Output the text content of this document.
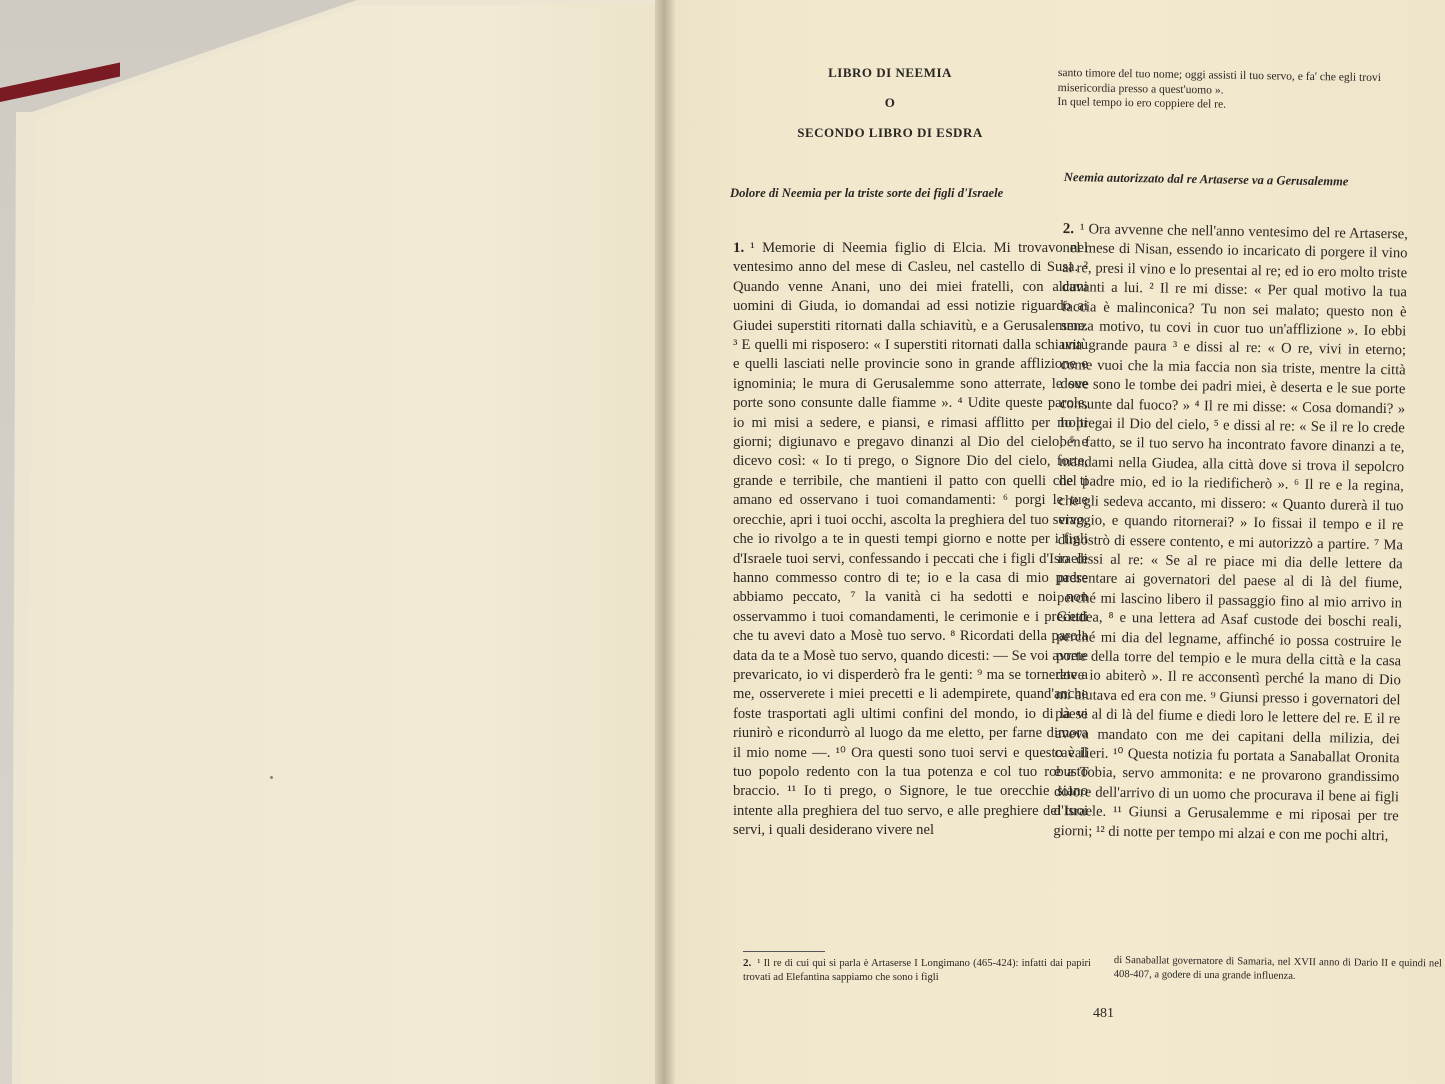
LIBRO DI NEEMIA
O
SECONDO LIBRO DI ESDRA

santo timore del tuo nome; oggi assisti il tuo servo, e fa' che egli trovi misericordia presso a quest'uomo ».

In quel tempo io ero coppiere del re.

Dolore di Neemia per la triste sorte dei figli d'Israele
Neemia autorizzato dal re Artaserse va a Gerusalemme

1. ¹ Memorie di Neemia figlio di Elcia. Mi trovavo nel ventesimo anno del mese di Casleu, nel castello di Susa. ² Quando venne Anani, uno dei miei fratelli, con alcuni uomini di Giuda, io domandai ad essi notizie riguardo ai Giudei superstiti ritornati dalla schiavitù, e a Gerusalemme. ³ E quelli mi risposero: « I superstiti ritornati dalla schiavitù e quelli lasciati nelle provincie sono in grande afflizione e ignominia; le mura di Gerusalemme sono atterrate, le sue porte sono consunte dalle fiamme ». ⁴ Udite queste parole, io mi misi a sedere, e piansi, e rimasi afflitto per molti giorni; digiunavo e pregavo dinanzi al Dio del cielo, ⁵ e dicevo così: « Io ti prego, o Signore Dio del cielo, forte, grande e terribile, che mantieni il patto con quelli che ti amano ed osservano i tuoi comandamenti: ⁶ porgi le tue orecchie, apri i tuoi occhi, ascolta la preghiera del tuo servo, che io rivolgo a te in questi tempi giorno e notte per i figli d'Israele tuoi servi, confessando i peccati che i figli d'Israele hanno commesso contro di te; io e la casa di mio padre abbiamo peccato, ⁷ la vanità ci ha sedotti e noi non osservammo i tuoi comandamenti, le cerimonie e i precetti che tu avevi dato a Mosè tuo servo. ⁸ Ricordati della parola data da te a Mosè tuo servo, quando dicesti: — Se voi avrete prevaricato, io vi disperderò fra le genti: ⁹ ma se tornerete a me, osserverete i miei precetti e li adempirete, quand'anche foste trasportati agli ultimi confini del mondo, io di là vi riunirò e ricondurrò al luogo da me eletto, per farne dimora il mio nome —. ¹⁰ Ora questi sono tuoi servi e questo è il tuo popolo redento con la tua potenza e col tuo robusto braccio. ¹¹ Io ti prego, o Signore, le tue orecchie siano intente alla preghiera del tuo servo, e alle preghiere dei tuoi servi, i quali desiderano vivere nel

2. ¹ Ora avvenne che nell'anno ventesimo del re Artaserse, nel mese di Nisan, essendo io incaricato di porgere il vino al re, presi il vino e lo presentai al re; ed io ero molto triste davanti a lui. ² Il re mi disse: « Per qual motivo la tua faccia è malinconica? Tu non sei malato; questo non è senza motivo, tu covi in cuor tuo un'afflizione ». Io ebbi una grande paura ³ e dissi al re: « O re, vivi in eterno; come vuoi che la mia faccia non sia triste, mentre la città dove sono le tombe dei padri miei, è deserta e le sue porte consunte dal fuoco? » ⁴ Il re mi disse: « Cosa domandi? » Io pregai il Dio del cielo, ⁵ e dissi al re: « Se il re lo crede ben fatto, se il tuo servo ha incontrato favore dinanzi a te, mandami nella Giudea, alla città dove si trova il sepolcro del padre mio, ed io la riedificherò ». ⁶ Il re e la regina, che gli sedeva accanto, mi dissero: « Quanto durerà il tuo viaggio, e quando ritornerai? » Io fissai il tempo e il re dimostrò di essere contento, e mi autorizzò a partire. ⁷ Ma io dissi al re: « Se al re piace mi dia delle lettere da presentare ai governatori del paese al di là del fiume, perché mi lascino libero il passaggio fino al mio arrivo in Giudea, ⁸ e una lettera ad Asaf custode dei boschi reali, perché mi dia del legname, affinché io possa costruire le porte della torre del tempio e le mura della città e la casa dove io abiterò ». Il re acconsentì perché la mano di Dio mi aiutava ed era con me. ⁹ Giunsi presso i governatori del paese al di là del fiume e diedi loro le lettere del re. E il re aveva mandato con me dei capitani della milizia, dei cavalieri. ¹⁰ Questa notizia fu portata a Sanaballat Oronita e a Tobia, servo ammonita: e ne provarono grandissimo dolore dell'arrivo di un uomo che procurava il bene ai figli d'Israele. ¹¹ Giunsi a Gerusalemme e mi riposai per tre giorni; ¹² di notte per tempo mi alzai e con me pochi altri,

2. ¹ Il re di cui qui si parla è Artaserse I Longimano (465-424): infatti dai papiri trovati ad Elefantina sappiamo che sono i figli
di Sanaballat governatore di Samaria, nel XVII anno di Dario II e quindi nel 408-407, a godere di una grande influenza.
481
